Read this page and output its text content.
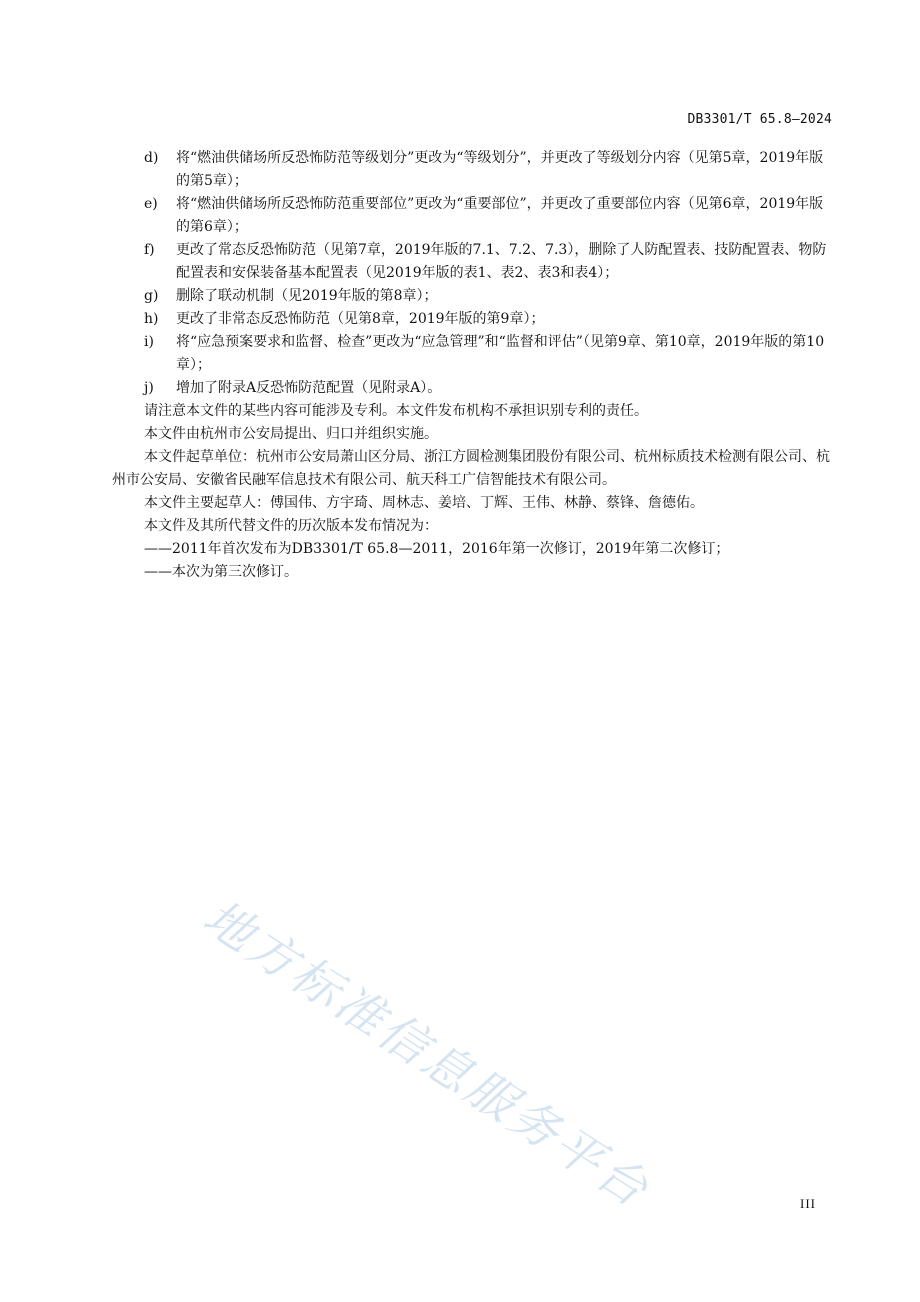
DB3301/T 65.8—2024
d)	将“燃油供储场所反恐怖防范等级划分”更改为“等级划分”，并更改了等级划分内容（见第5章，2019年版的第5章）；
e)	将“燃油供储场所反恐怖防范重要部位”更改为“重要部位”，并更改了重要部位内容（见第6章，2019年版的第6章）；
f)	更改了常态反恐怖防范（见第7章，2019年版的7.1、7.2、7.3），删除了人防配置表、技防配置表、物防配置表和安保装备基本配置表（见2019年版的表1、表2、表3和表4）；
g)	删除了联动机制（见2019年版的第8章）；
h)	更改了非常态反恐怖防范（见第8章，2019年版的第9章）；
i)	将“应急预案要求和监督、检查”更改为“应急管理”和“监督和评估”（见第9章、第10章，2019年版的第10章）；
j)	增加了附录A反恐怖防范配置（见附录A）。
请注意本文件的某些内容可能涉及专利。本文件发布机构不承担识别专利的责任。
本文件由杭州市公安局提出、归口并组织实施。
本文件起草单位：杭州市公安局萧山区分局、浙江方圆检测集团股份有限公司、杭州标质技术检测有限公司、杭州市公安局、安徽省民融军信息技术有限公司、航天科工广信智能技术有限公司。
本文件主要起草人：傅国伟、方宇琦、周林志、姜培、丁辉、王伟、林静、蔡锋、詹德佑。
本文件及其所代替文件的历次版本发布情况为：
——2011年首次发布为DB3301/T 65.8—2011，2016年第一次修订，2019年第二次修订；
——本次为第三次修订。
地方标准信息服务平台	III
